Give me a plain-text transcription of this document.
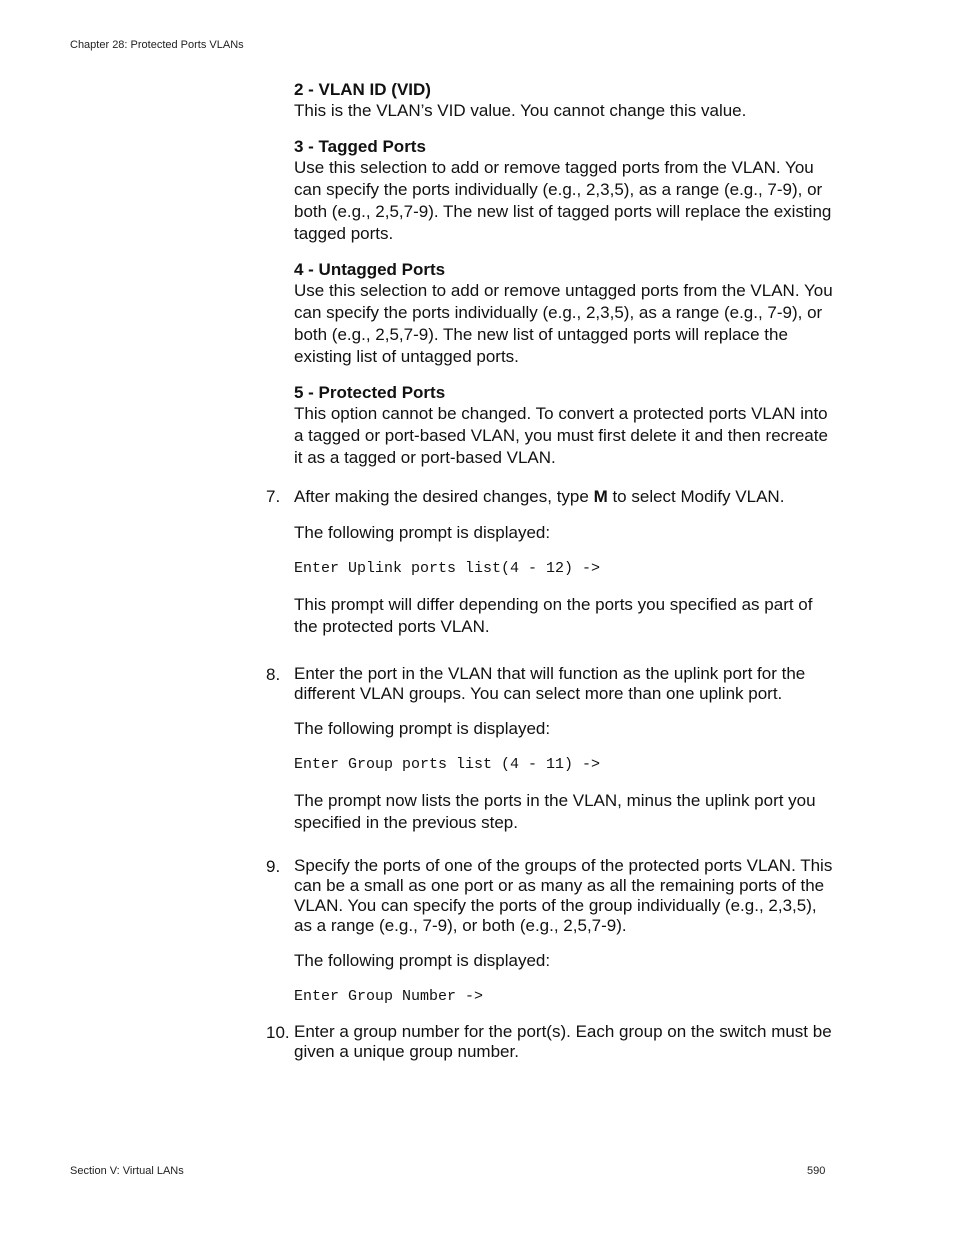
Chapter 28: Protected Ports VLANs

2 - VLAN ID (VID)

This is the VLAN’s VID value. You cannot change this value.

3 - Tagged Ports

Use this selection to add or remove tagged ports from the VLAN. You can specify the ports individually (e.g., 2,3,5), as a range (e.g., 7-9), or both (e.g., 2,5,7-9). The new list of tagged ports will replace the existing tagged ports.

4 - Untagged Ports

Use this selection to add or remove untagged ports from the VLAN. You can specify the ports individually (e.g., 2,3,5), as a range (e.g., 7-9), or both (e.g., 2,5,7-9). The new list of untagged ports will replace the existing list of untagged ports.

5 - Protected Ports

This option cannot be changed. To convert a protected ports VLAN into a tagged or port-based VLAN, you must first delete it and then recreate it as a tagged or port-based VLAN.

7. After making the desired changes, type M to select Modify VLAN.

The following prompt is displayed:

Enter Uplink ports list(4 - 12) ->

This prompt will differ depending on the ports you specified as part of the protected ports VLAN.

8. Enter the port in the VLAN that will function as the uplink port for the different VLAN groups. You can select more than one uplink port.

The following prompt is displayed:

Enter Group ports list (4 - 11) ->

The prompt now lists the ports in the VLAN, minus the uplink port you specified in the previous step.

9. Specify the ports of one of the groups of the protected ports VLAN. This can be a small as one port or as many as all the remaining ports of the VLAN. You can specify the ports of the group individually (e.g., 2,3,5), as a range (e.g., 7-9), or both (e.g., 2,5,7-9).

The following prompt is displayed:

Enter Group Number ->

10. Enter a group number for the port(s). Each group on the switch must be given a unique group number.

Section V: Virtual LANs	590
